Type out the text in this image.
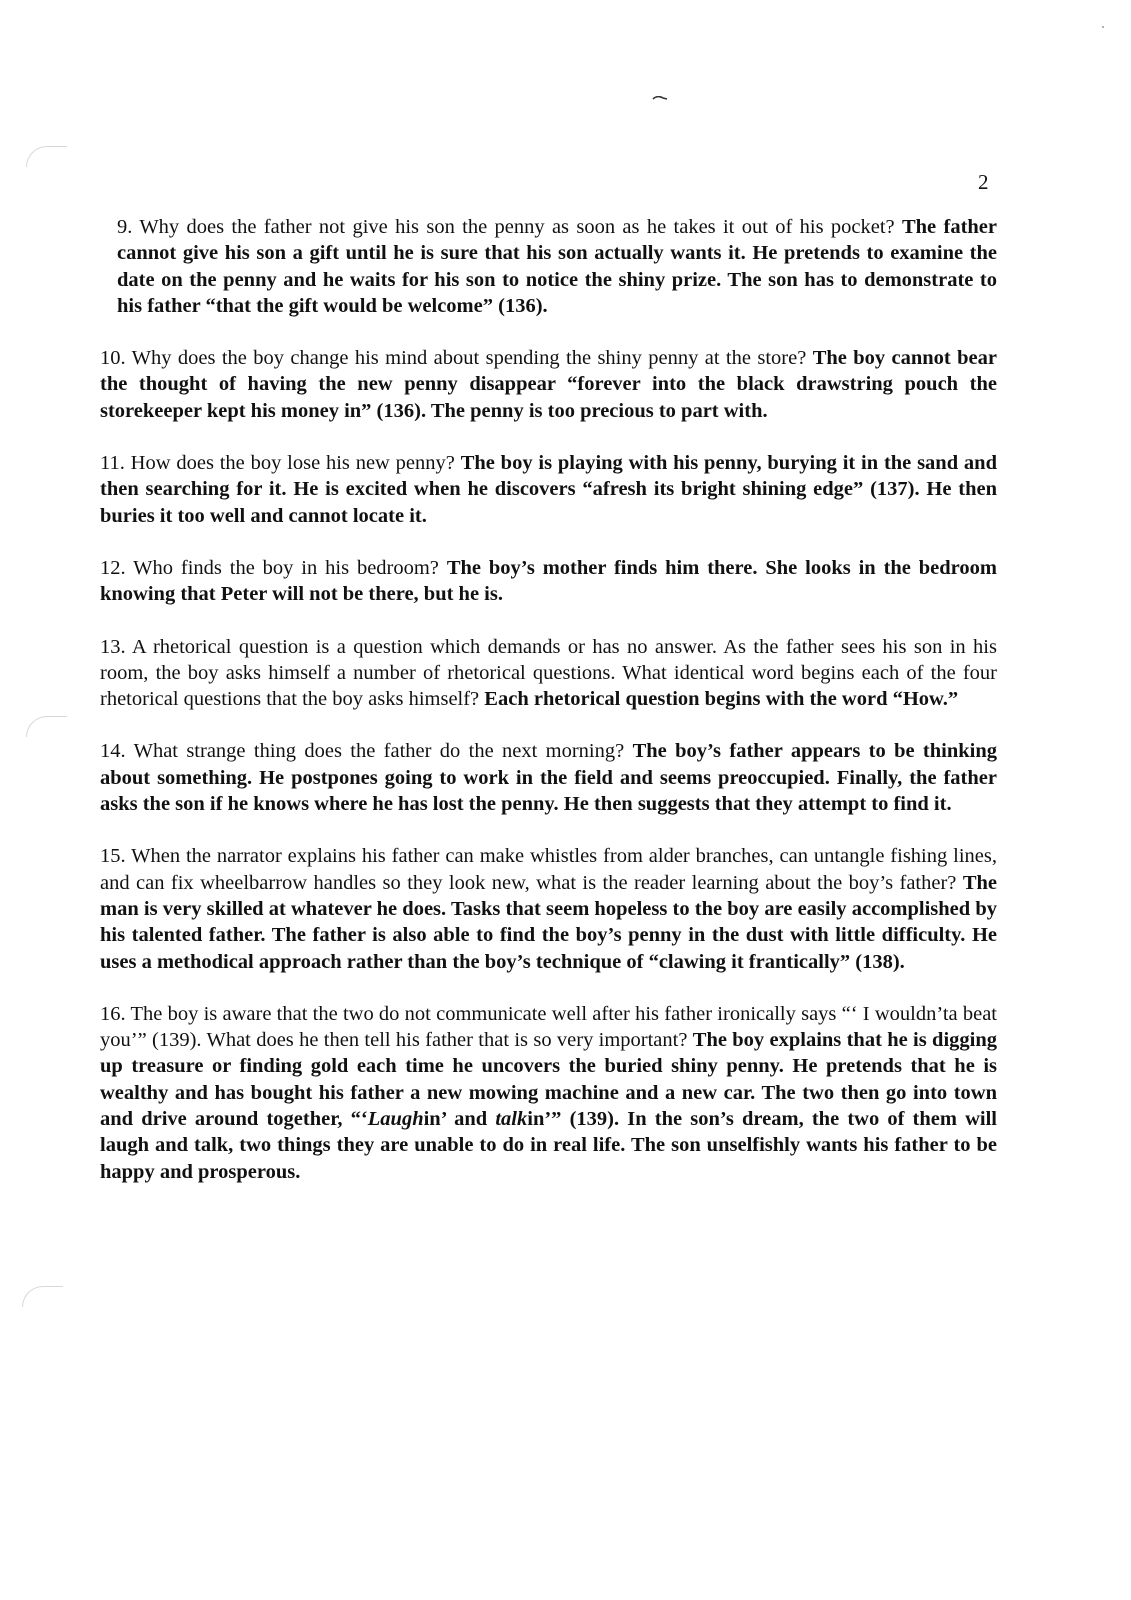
2

9. Why does the father not give his son the penny as soon as he takes it out of his pocket? The father cannot give his son a gift until he is sure that his son actually wants it. He pretends to examine the date on the penny and he waits for his son to notice the shiny prize. The son has to demonstrate to his father “that the gift would be welcome” (136).

10. Why does the boy change his mind about spending the shiny penny at the store? The boy cannot bear the thought of having the new penny disappear “forever into the black drawstring pouch the storekeeper kept his money in” (136). The penny is too precious to part with.

11. How does the boy lose his new penny? The boy is playing with his penny, burying it in the sand and then searching for it. He is excited when he discovers “afresh its bright shining edge” (137). He then buries it too well and cannot locate it.

12. Who finds the boy in his bedroom? The boy’s mother finds him there. She looks in the bedroom knowing that Peter will not be there, but he is.

13. A rhetorical question is a question which demands or has no answer. As the father sees his son in his room, the boy asks himself a number of rhetorical questions. What identical word begins each of the four rhetorical questions that the boy asks himself? Each rhetorical question begins with the word “How.”

14. What strange thing does the father do the next morning? The boy’s father appears to be thinking about something. He postpones going to work in the field and seems preoccupied. Finally, the father asks the son if he knows where he has lost the penny. He then suggests that they attempt to find it.

15. When the narrator explains his father can make whistles from alder branches, can untangle fishing lines, and can fix wheelbarrow handles so they look new, what is the reader learning about the boy’s father? The man is very skilled at whatever he does. Tasks that seem hopeless to the boy are easily accomplished by his talented father. The father is also able to find the boy’s penny in the dust with little difficulty. He uses a methodical approach rather than the boy’s technique of “clawing it frantically” (138).

16. The boy is aware that the two do not communicate well after his father ironically says “‘ I wouldn’ta beat you’” (139). What does he then tell his father that is so very important? The boy explains that he is digging up treasure or finding gold each time he uncovers the buried shiny penny. He pretends that he is wealthy and has bought his father a new mowing machine and a new car. The two then go into town and drive around together, “‘Laughin’ and talkin’” (139). In the son’s dream, the two of them will laugh and talk, two things they are unable to do in real life. The son unselfishly wants his father to be happy and prosperous.
